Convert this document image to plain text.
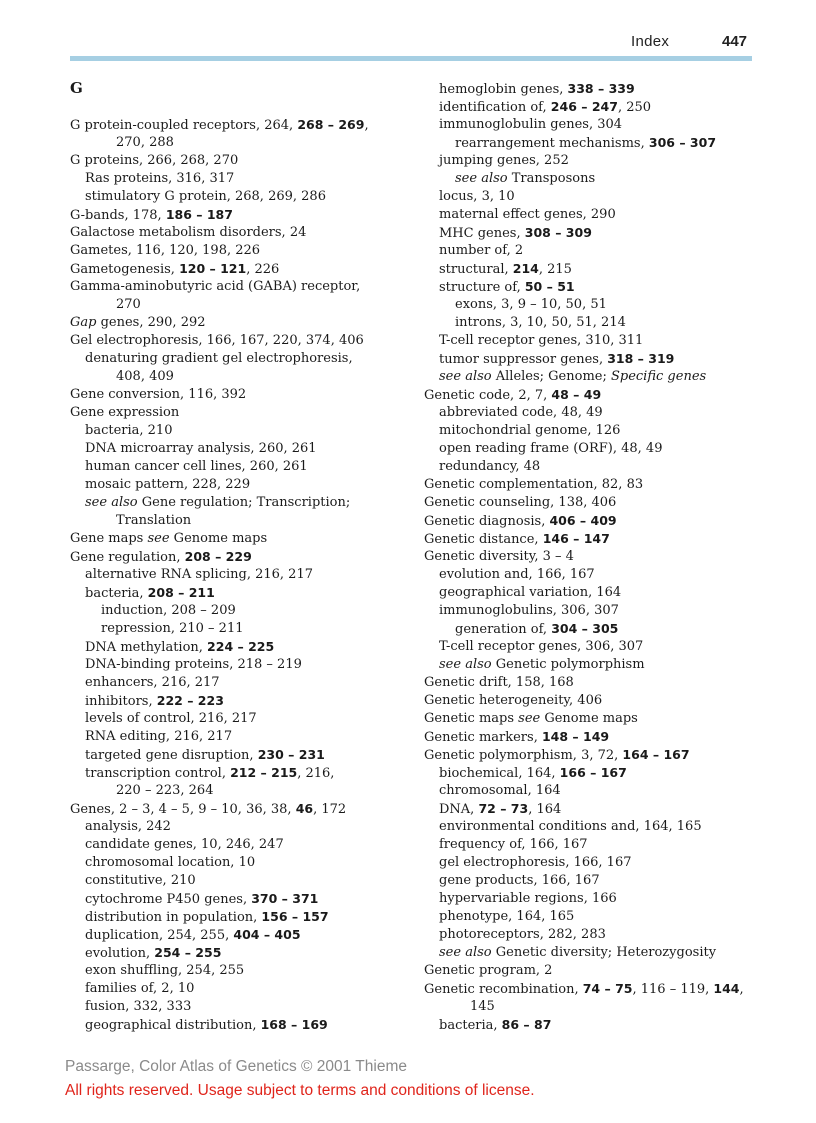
Index	447
G
G protein-coupled receptors, 264, 268 – 269,
270, 288
G proteins, 266, 268, 270
Ras proteins, 316, 317
stimulatory G protein, 268, 269, 286
G-bands, 178, 186 – 187
Galactose metabolism disorders, 24
Gametes, 116, 120, 198, 226
Gametogenesis, 120 – 121, 226
Gamma-aminobutyric acid (GABA) receptor,
270
Gap genes, 290, 292
Gel electrophoresis, 166, 167, 220, 374, 406
denaturing gradient gel electrophoresis,
408, 409
Gene conversion, 116, 392
Gene expression
bacteria, 210
DNA microarray analysis, 260, 261
human cancer cell lines, 260, 261
mosaic pattern, 228, 229
see also Gene regulation; Transcription;
Translation
Gene maps see Genome maps
Gene regulation, 208 – 229
alternative RNA splicing, 216, 217
bacteria, 208 – 211
induction, 208 – 209
repression, 210 – 211
DNA methylation, 224 – 225
DNA-binding proteins, 218 – 219
enhancers, 216, 217
inhibitors, 222 – 223
levels of control, 216, 217
RNA editing, 216, 217
targeted gene disruption, 230 – 231
transcription control, 212 – 215, 216,
220 – 223, 264
Genes, 2 – 3, 4 – 5, 9 – 10, 36, 38, 46, 172
analysis, 242
candidate genes, 10, 246, 247
chromosomal location, 10
constitutive, 210
cytochrome P450 genes, 370 – 371
distribution in population, 156 – 157
duplication, 254, 255, 404 – 405
evolution, 254 – 255
exon shuffling, 254, 255
families of, 2, 10
fusion, 332, 333
geographical distribution, 168 – 169
hemoglobin genes, 338 – 339
identification of, 246 – 247, 250
immunoglobulin genes, 304
rearrangement mechanisms, 306 – 307
jumping genes, 252
see also Transposons
locus, 3, 10
maternal effect genes, 290
MHC genes, 308 – 309
number of, 2
structural, 214, 215
structure of, 50 – 51
exons, 3, 9 – 10, 50, 51
introns, 3, 10, 50, 51, 214
T-cell receptor genes, 310, 311
tumor suppressor genes, 318 – 319
see also Alleles; Genome; Specific genes
Genetic code, 2, 7, 48 – 49
abbreviated code, 48, 49
mitochondrial genome, 126
open reading frame (ORF), 48, 49
redundancy, 48
Genetic complementation, 82, 83
Genetic counseling, 138, 406
Genetic diagnosis, 406 – 409
Genetic distance, 146 – 147
Genetic diversity, 3 – 4
evolution and, 166, 167
geographical variation, 164
immunoglobulins, 306, 307
generation of, 304 – 305
T-cell receptor genes, 306, 307
see also Genetic polymorphism
Genetic drift, 158, 168
Genetic heterogeneity, 406
Genetic maps see Genome maps
Genetic markers, 148 – 149
Genetic polymorphism, 3, 72, 164 – 167
biochemical, 164, 166 – 167
chromosomal, 164
DNA, 72 – 73, 164
environmental conditions and, 164, 165
frequency of, 166, 167
gel electrophoresis, 166, 167
gene products, 166, 167
hypervariable regions, 166
phenotype, 164, 165
photoreceptors, 282, 283
see also Genetic diversity; Heterozygosity
Genetic program, 2
Genetic recombination, 74 – 75, 116 – 119, 144,
145
bacteria, 86 – 87
Passarge, Color Atlas of Genetics © 2001 Thieme
All rights reserved. Usage subject to terms and conditions of license.
